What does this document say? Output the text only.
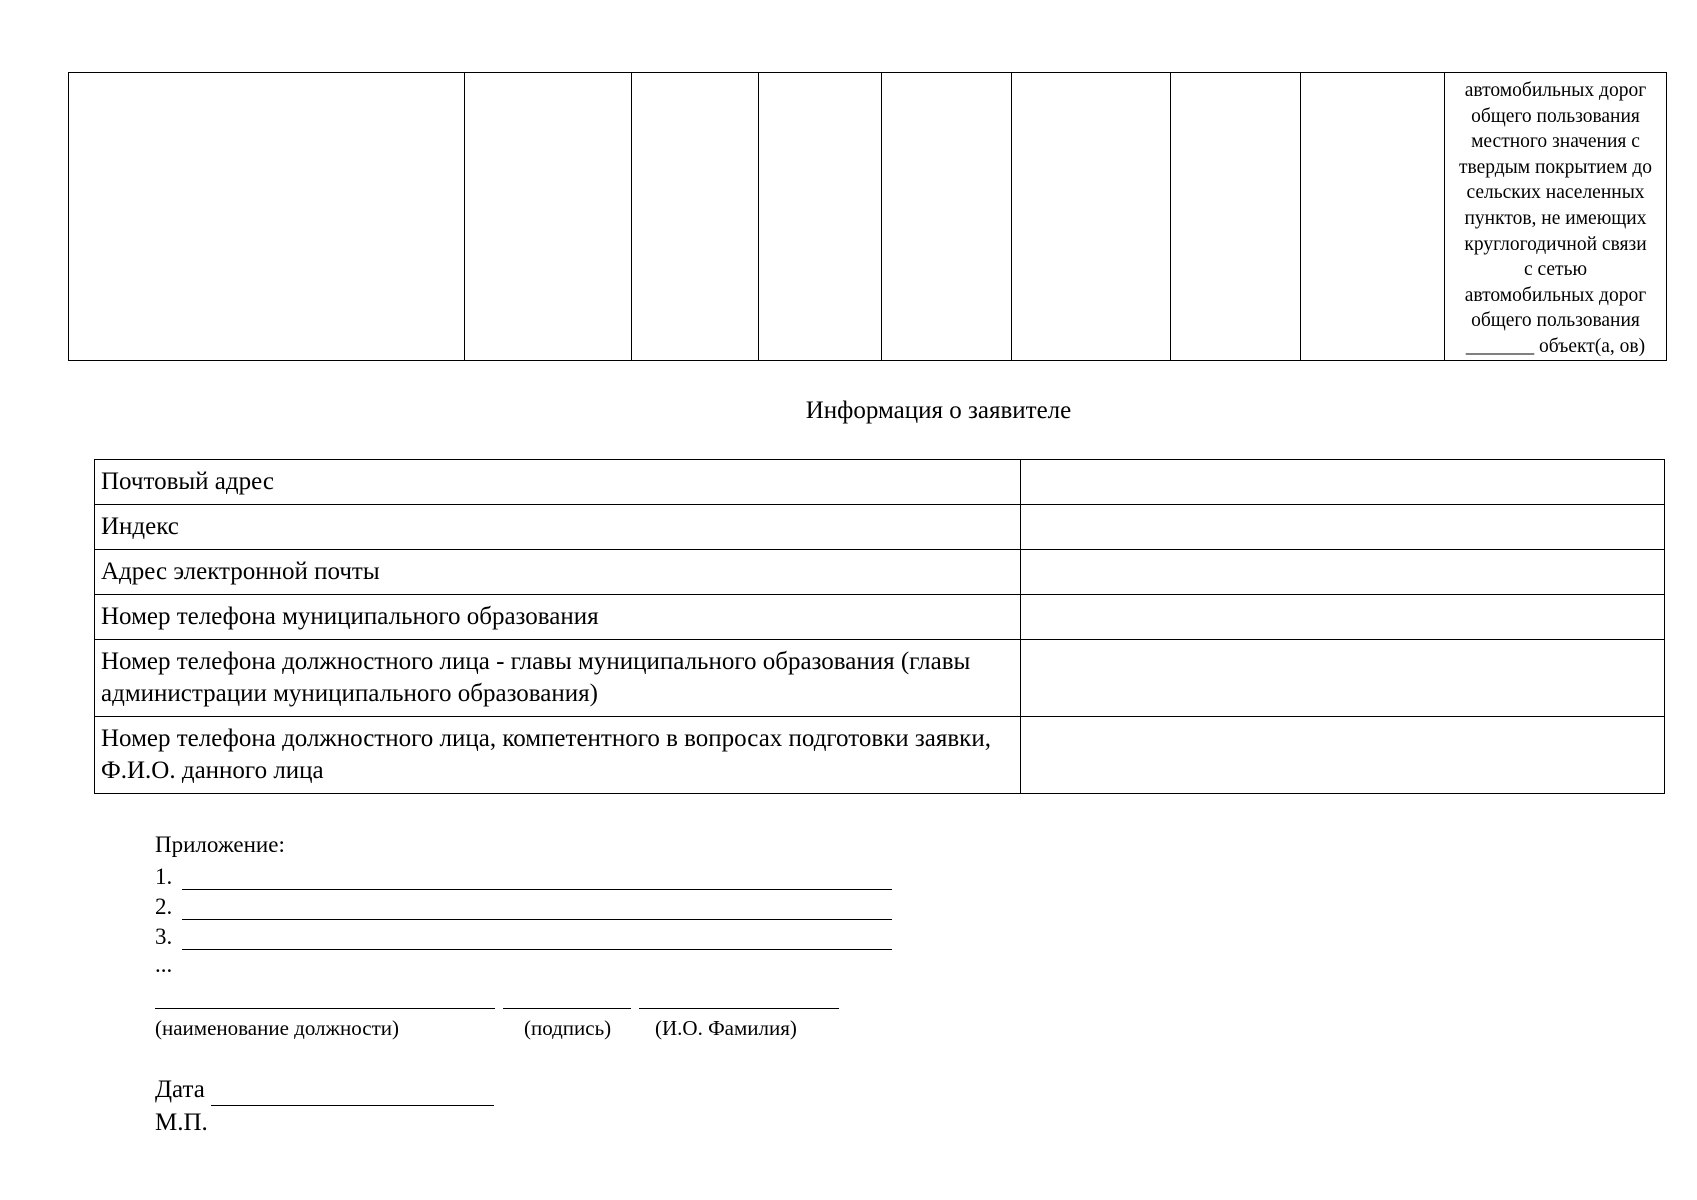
								автомобильных дорог
общего пользования
местного значения с
твердым покрытием до
сельских населенных
пунктов, не имеющих
круглогодичной связи
с сетью
автомобильных дорог
общего пользования
_______ объект(а, ов)
Информация о заявителе
Почтовый адрес	
Индекс	
Адрес электронной почты	
Номер телефона муниципального образования	
Номер телефона должностного лица - главы муниципального образования (главы администрации муниципального образования)	
Номер телефона должностного лица, компетентного в вопросах подготовки заявки, Ф.И.О. данного лица	
Приложение:
1.
2.
3.
...
(наименование должности)	(подпись) (И.О. Фамилия)
Дата
М.П.
